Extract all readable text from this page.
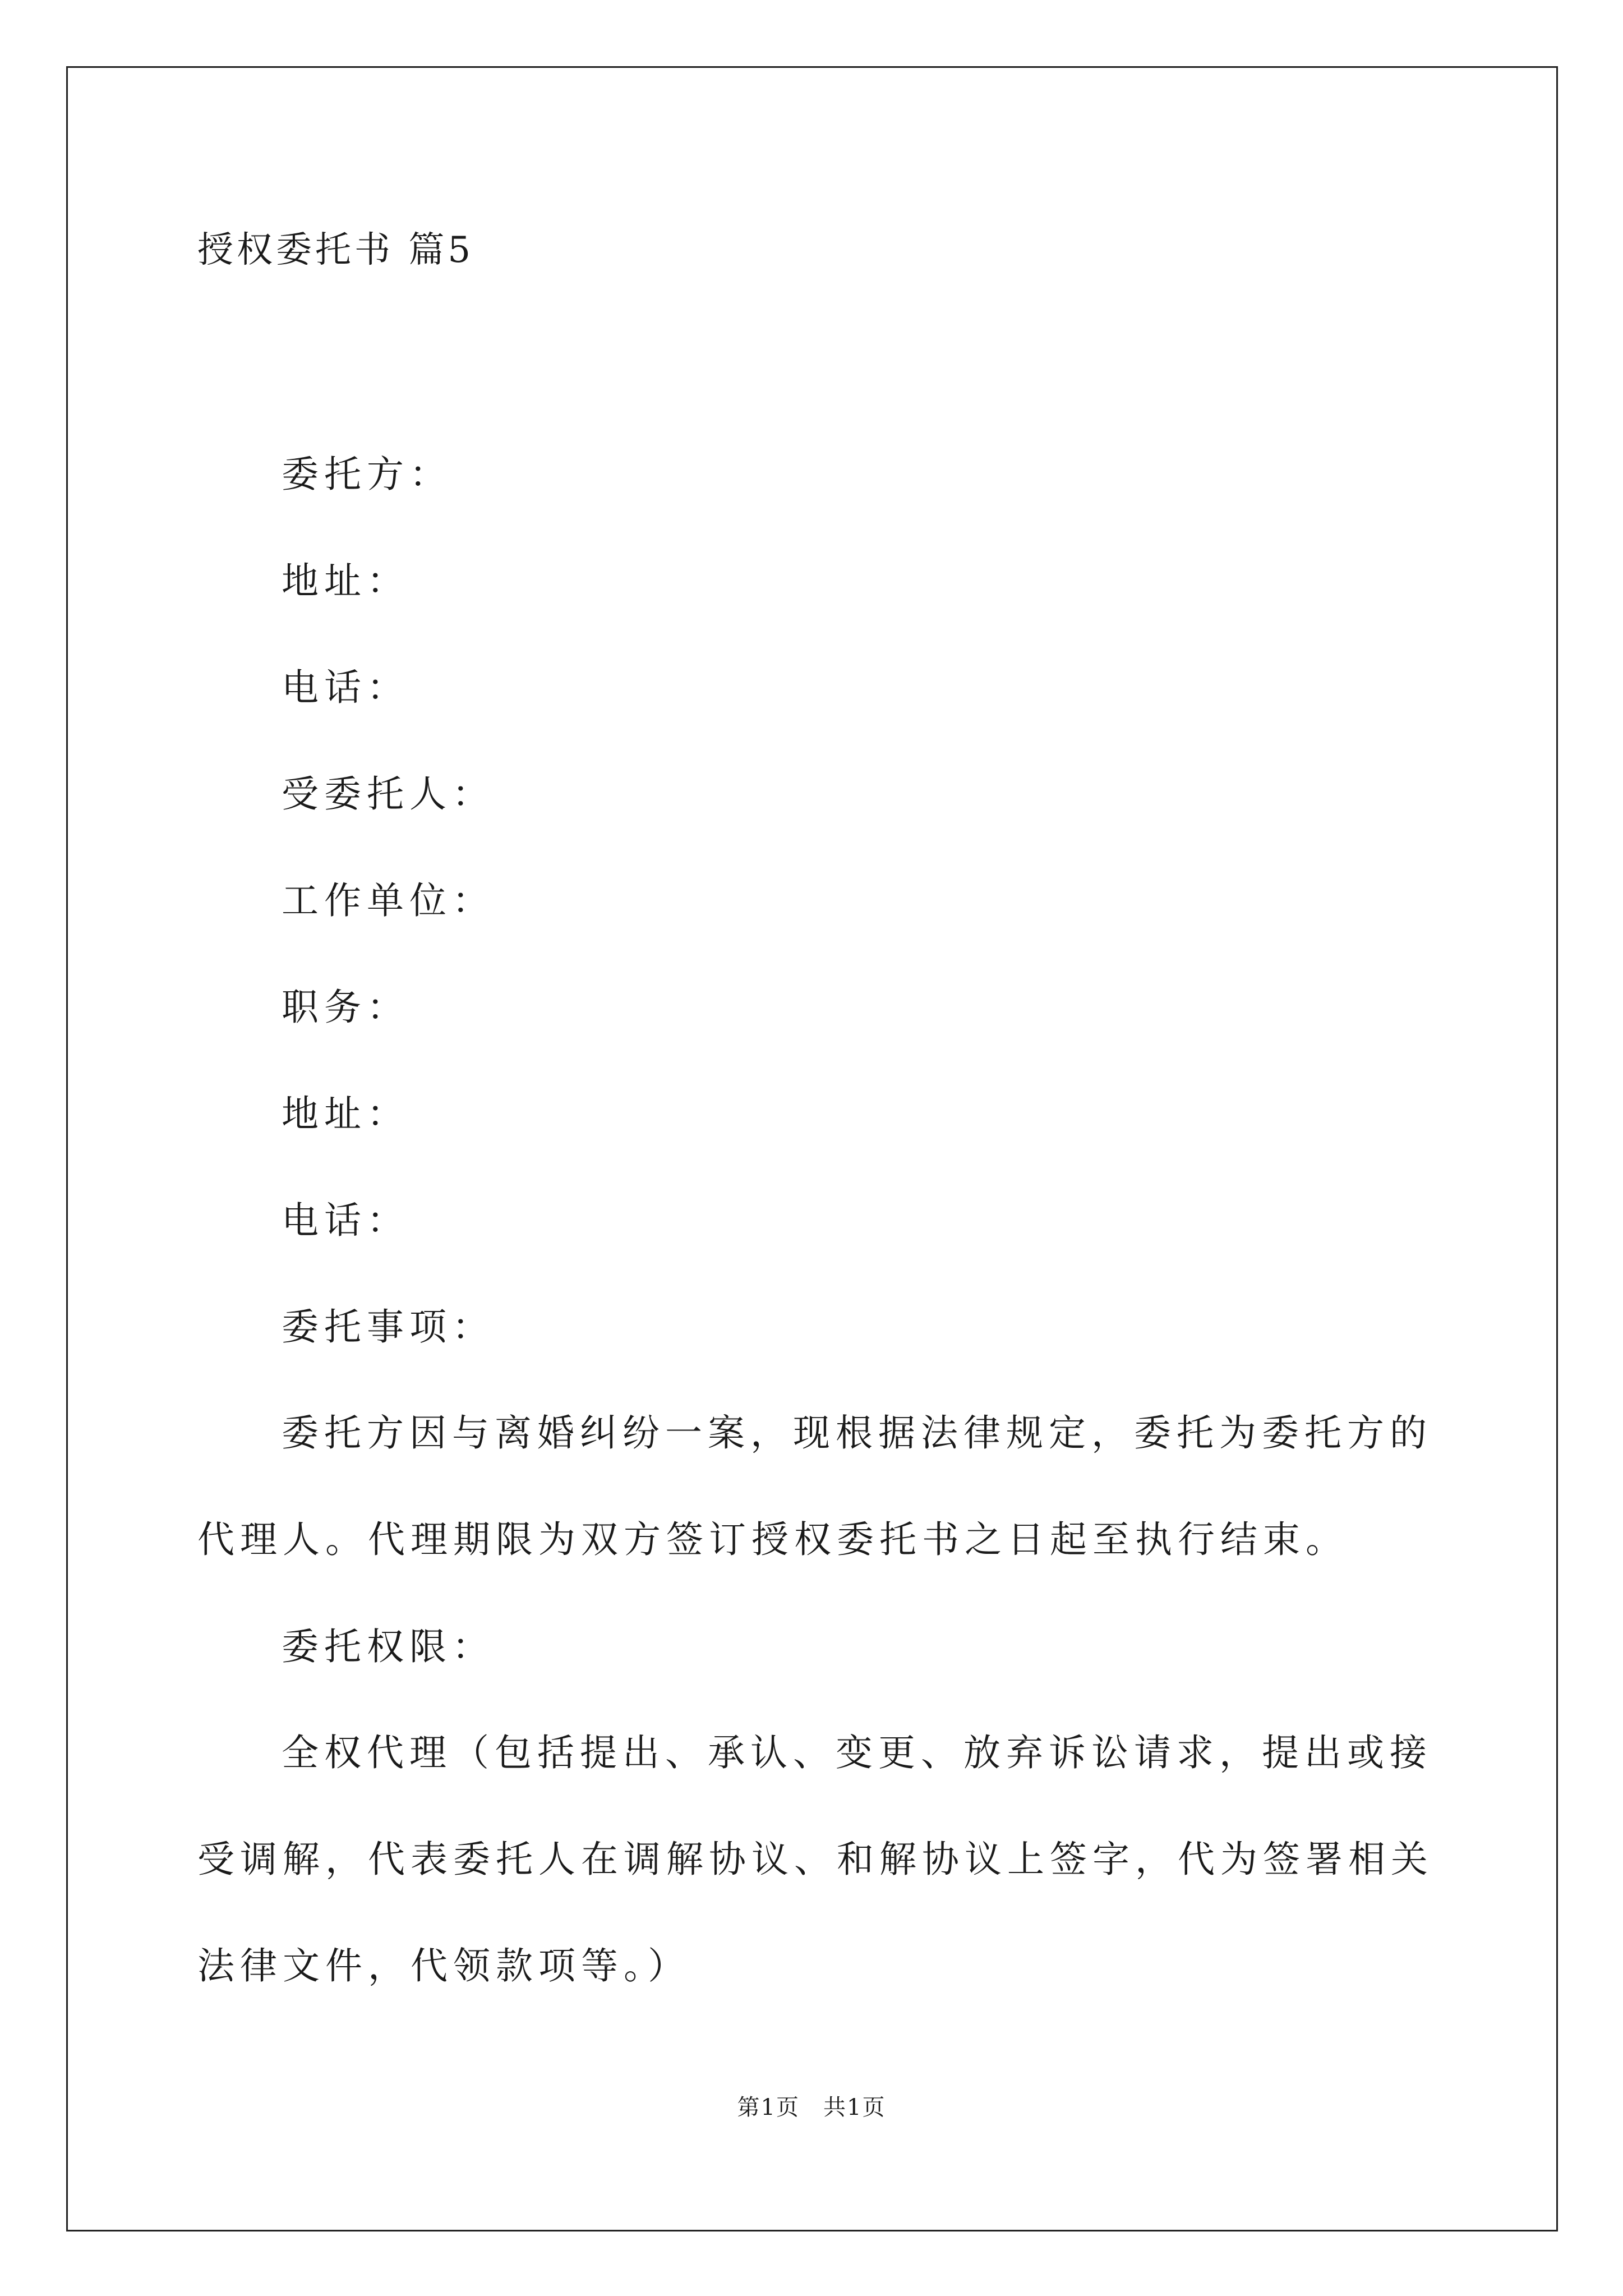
授权委托书 篇5
委托方：
地址：
电话：
受委托人：
工作单位：
职务：
地址：
电话：
委托事项：
委托方因与离婚纠纷一案，现根据法律规定，委托为委托方的代理人。代理期限为双方签订授权委托书之日起至执行结束。
委托权限：
全权代理（包括提出、承认、变更、放弃诉讼请求，提出或接受调解，代表委托人在调解协议、和解协议上签字，代为签署相关法律文件，代领款项等。）
第1页　共1页
